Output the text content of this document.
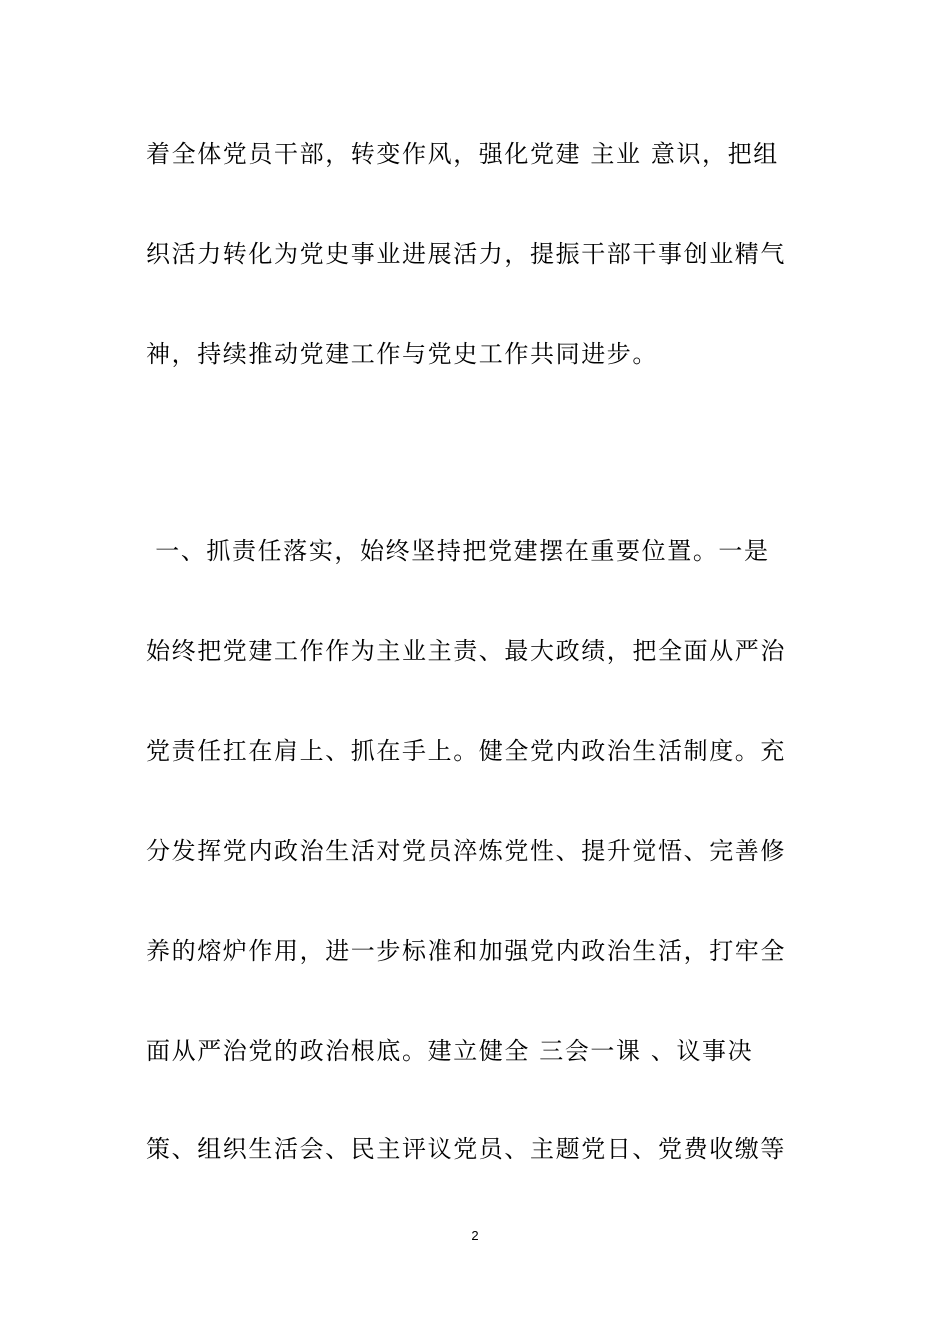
着全体党员干部，转变作风，强化党建 主业 意识，把组

织活力转化为党史事业进展活力，提振干部干事创业精气

神，持续推动党建工作与党史工作共同进步。

一、抓责任落实，始终坚持把党建摆在重要位置。一是

始终把党建工作作为主业主责、最大政绩，把全面从严治

党责任扛在肩上、抓在手上。健全党内政治生活制度。充

分发挥党内政治生活对党员淬炼党性、提升觉悟、完善修

养的熔炉作用，进一步标准和加强党内政治生活，打牢全

面从严治党的政治根底。建立健全 三会一课 、议事决

策、组织生活会、民主评议党员、主题党日、党费收缴等

2
